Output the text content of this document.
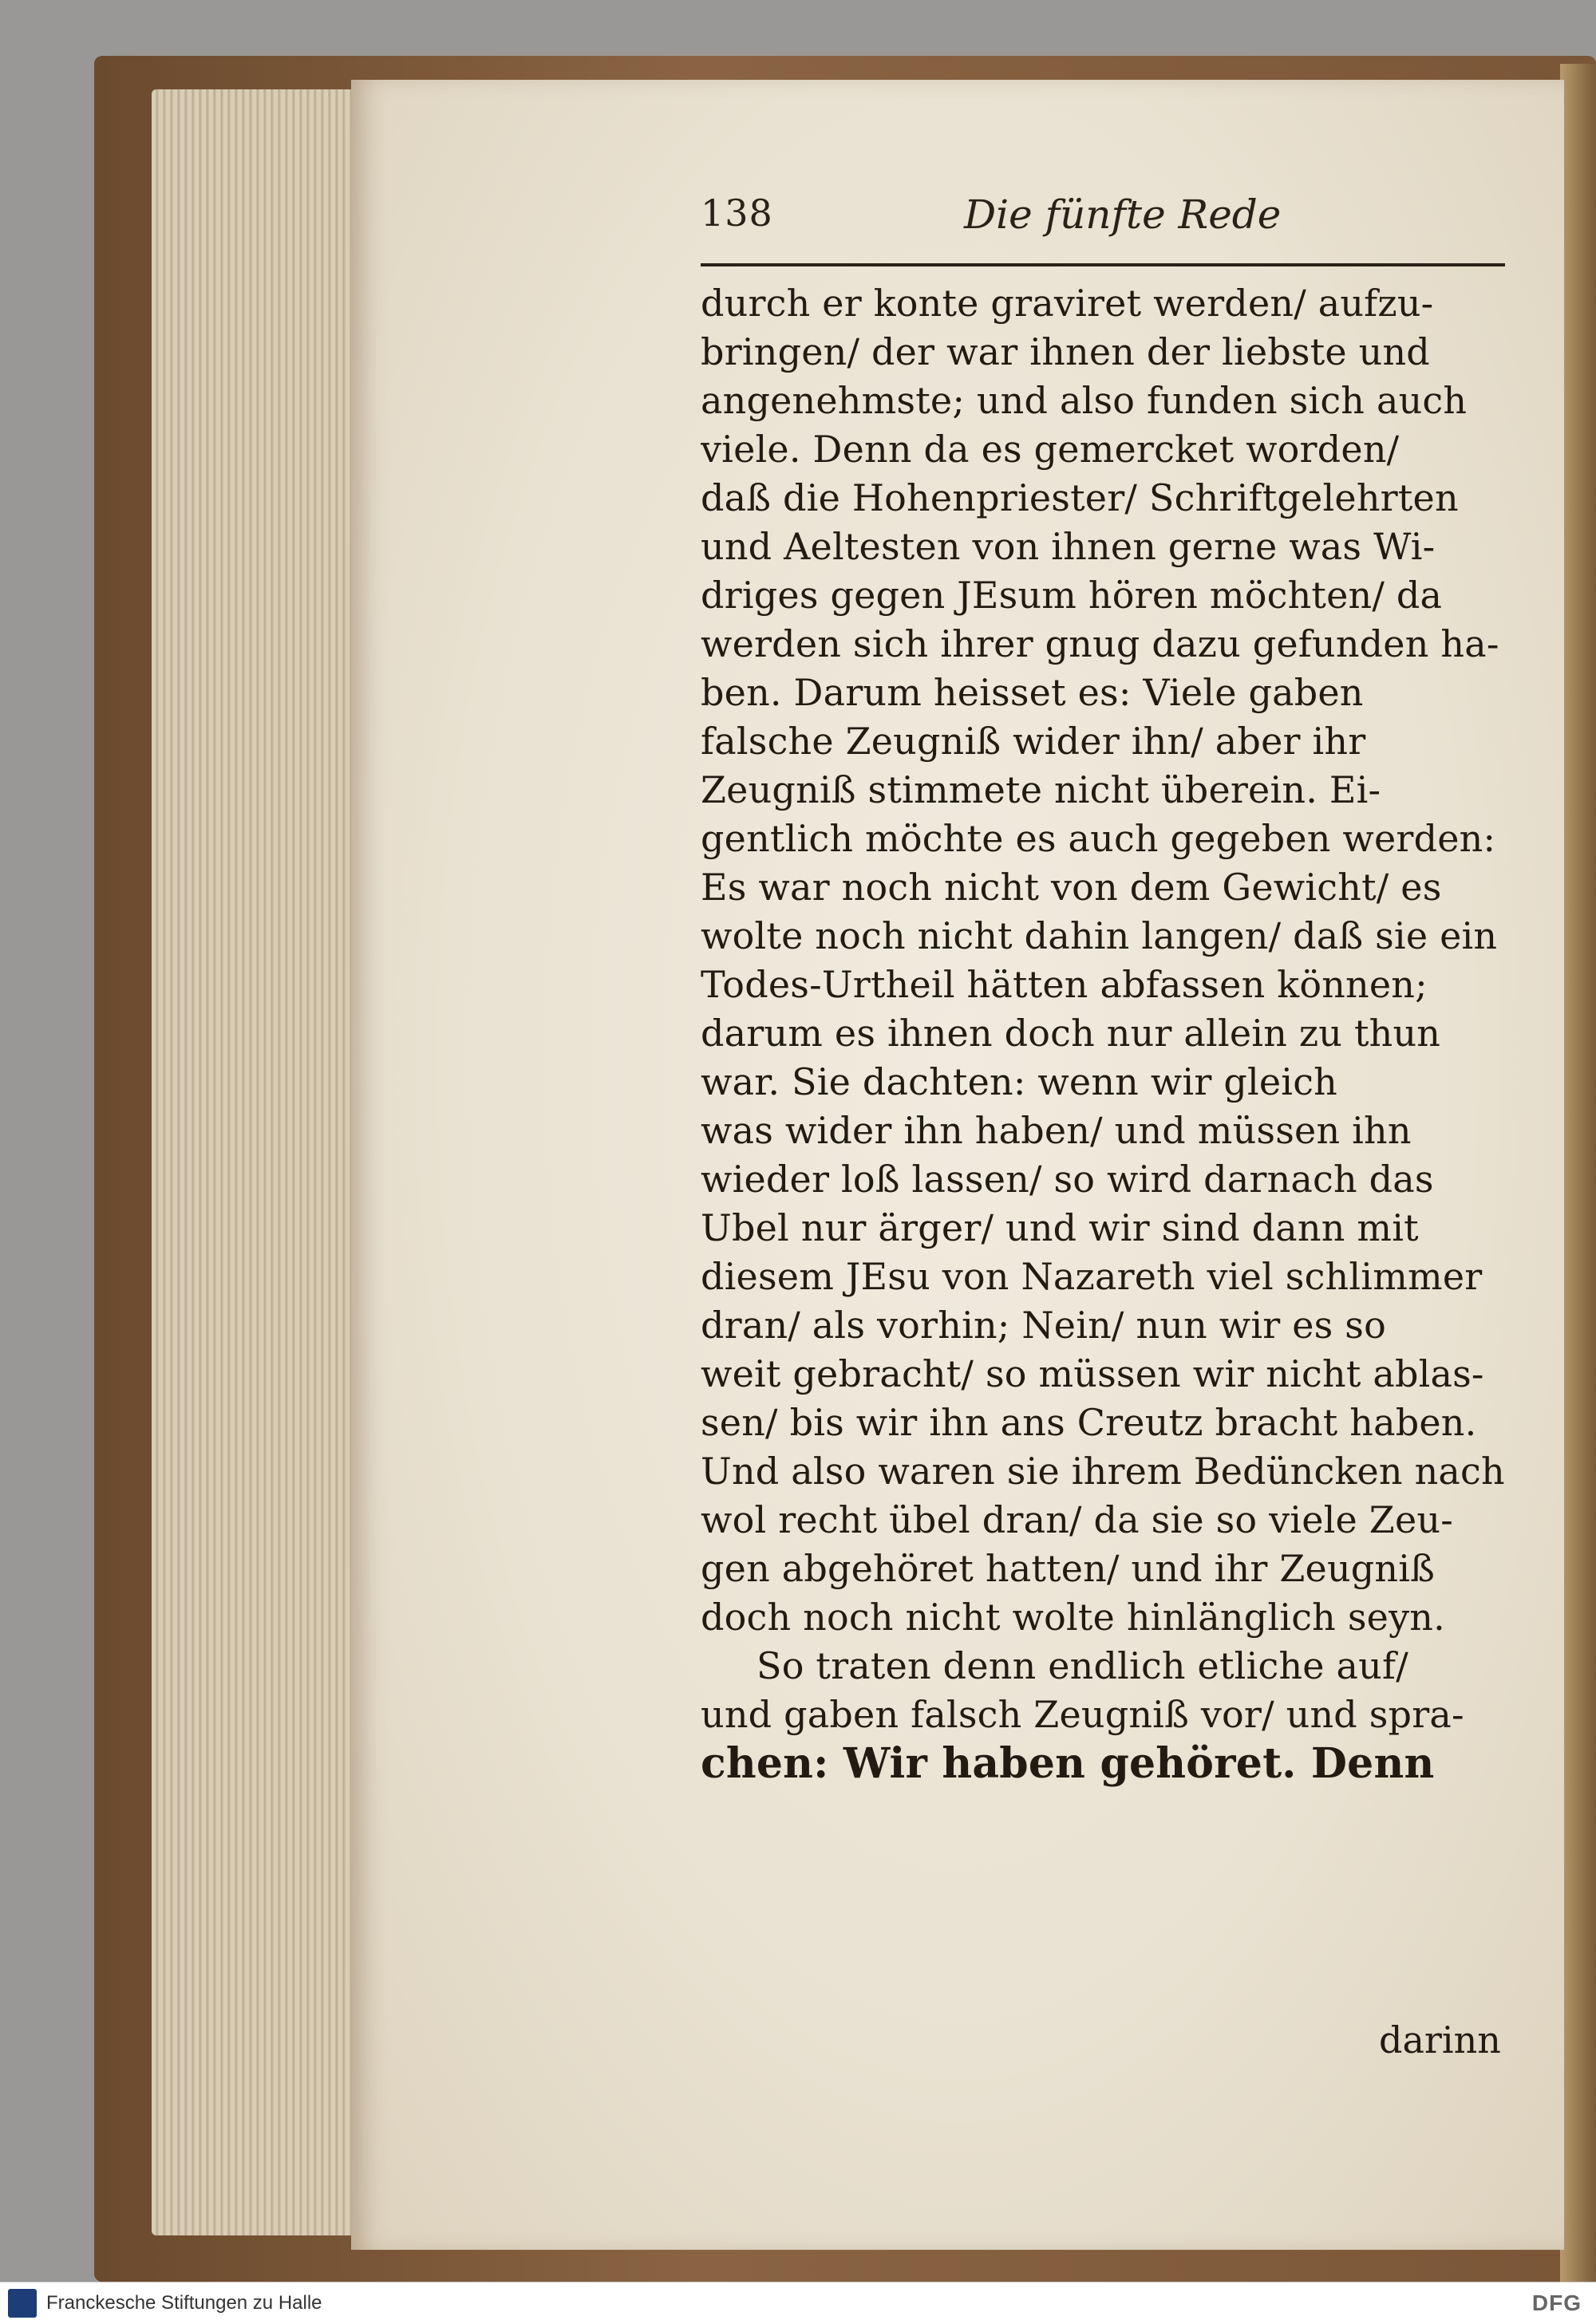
138	Die fünfte Rede
durch er konte graviret werden/ aufzu-
bringen/ der war ihnen der liebste und
angenehmste; und also funden sich auch
viele. Denn da es gemercket worden/
daß die Hohenpriester/ Schriftgelehrten
und Aeltesten von ihnen gerne was Wi-
driges gegen JEsum hören möchten/ da
werden sich ihrer gnug dazu gefunden ha-
ben. Darum heisset es: Viele gaben
falsche Zeugniß wider ihn/ aber ihr
Zeugniß stimmete nicht überein. Ei-
gentlich möchte es auch gegeben werden:
Es war noch nicht von dem Gewicht/ es
wolte noch nicht dahin langen/ daß sie ein
Todes-Urtheil hätten abfassen können;
darum es ihnen doch nur allein zu thun
war. Sie dachten: wenn wir gleich
was wider ihn haben/ und müssen ihn
wieder loß lassen/ so wird darnach das
Ubel nur ärger/ und wir sind dann mit
diesem JEsu von Nazareth viel schlimmer
dran/ als vorhin; Nein/ nun wir es so
weit gebracht/ so müssen wir nicht ablas-
sen/ bis wir ihn ans Creutz bracht haben.
Und also waren sie ihrem Bedüncken nach
wol recht übel dran/ da sie so viele Zeu-
gen abgehöret hatten/ und ihr Zeugniß
doch noch nicht wolte hinlänglich seyn.
So traten denn endlich etliche auf/
und gaben falsch Zeugniß vor/ und spra-
chen: Wir haben gehöret. Denn
darinn
Franckesche Stiftungen zu Halle	DFG
